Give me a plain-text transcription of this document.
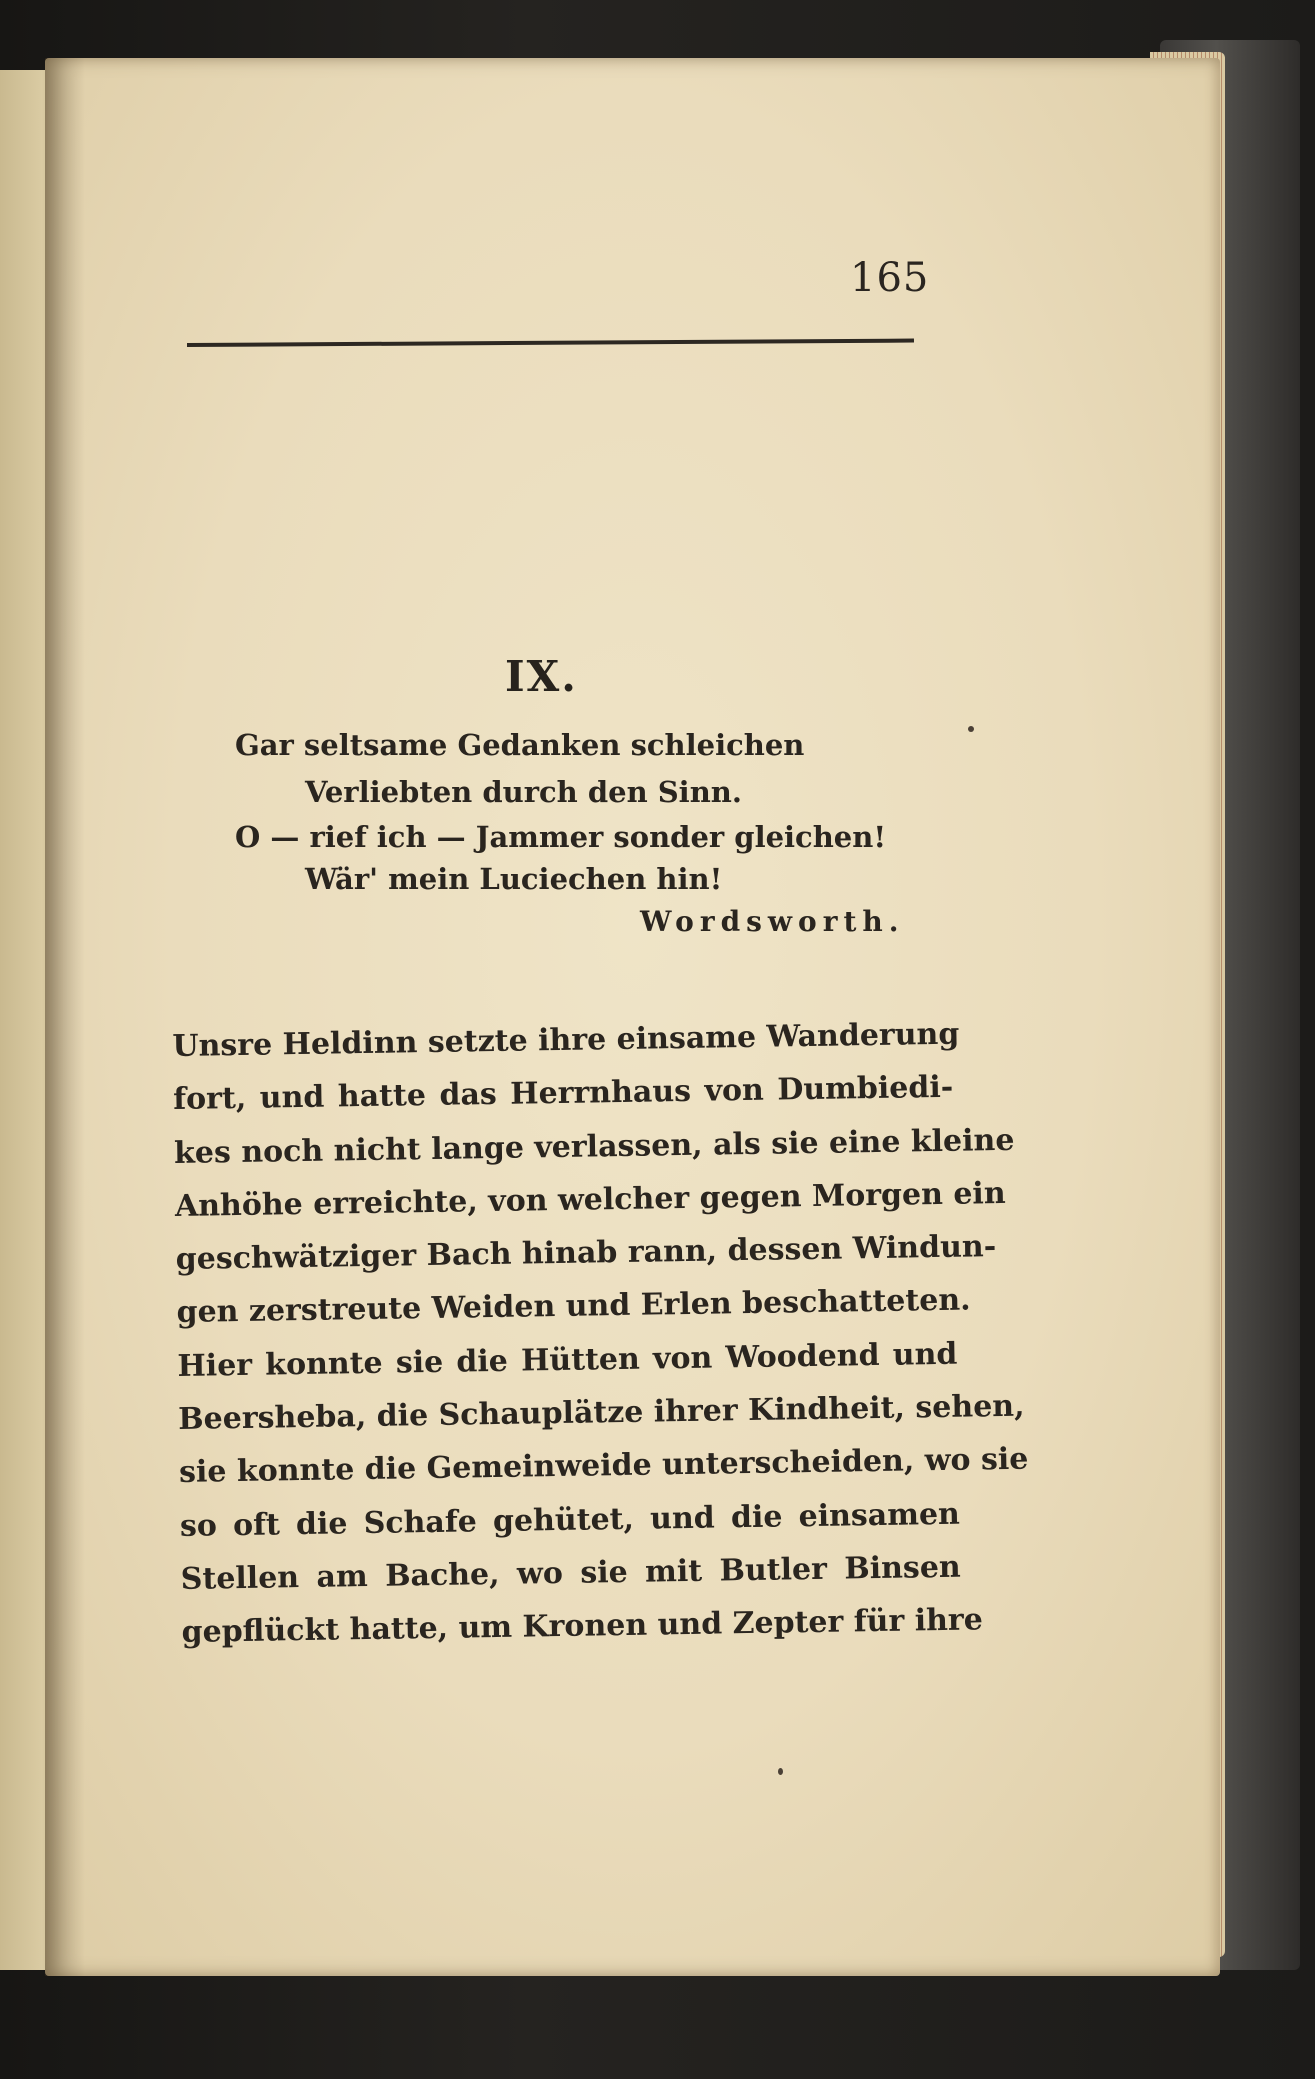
165
IX.
Gar seltsame Gedanken schleichen
Verliebten durch den Sinn.
O — rief ich — Jammer sonder gleichen!
Wär' mein Luciechen hin!
Wordsworth.
Unsre Heldinn setzte ihre einsame Wanderung
fort, und hatte das Herrnhaus von Dumbiedi-
kes noch nicht lange verlassen, als sie eine kleine
Anhöhe erreichte, von welcher gegen Morgen ein
geschwätziger Bach hinab rann, dessen Windun-
gen zerstreute Weiden und Erlen beschatteten.
Hier konnte sie die Hütten von Woodend und
Beersheba, die Schauplätze ihrer Kindheit, sehen,
sie konnte die Gemeinweide unterscheiden, wo sie
so oft die Schafe gehütet, und die einsamen
Stellen am Bache, wo sie mit Butler Binsen
gepflückt hatte, um Kronen und Zepter für ihre
